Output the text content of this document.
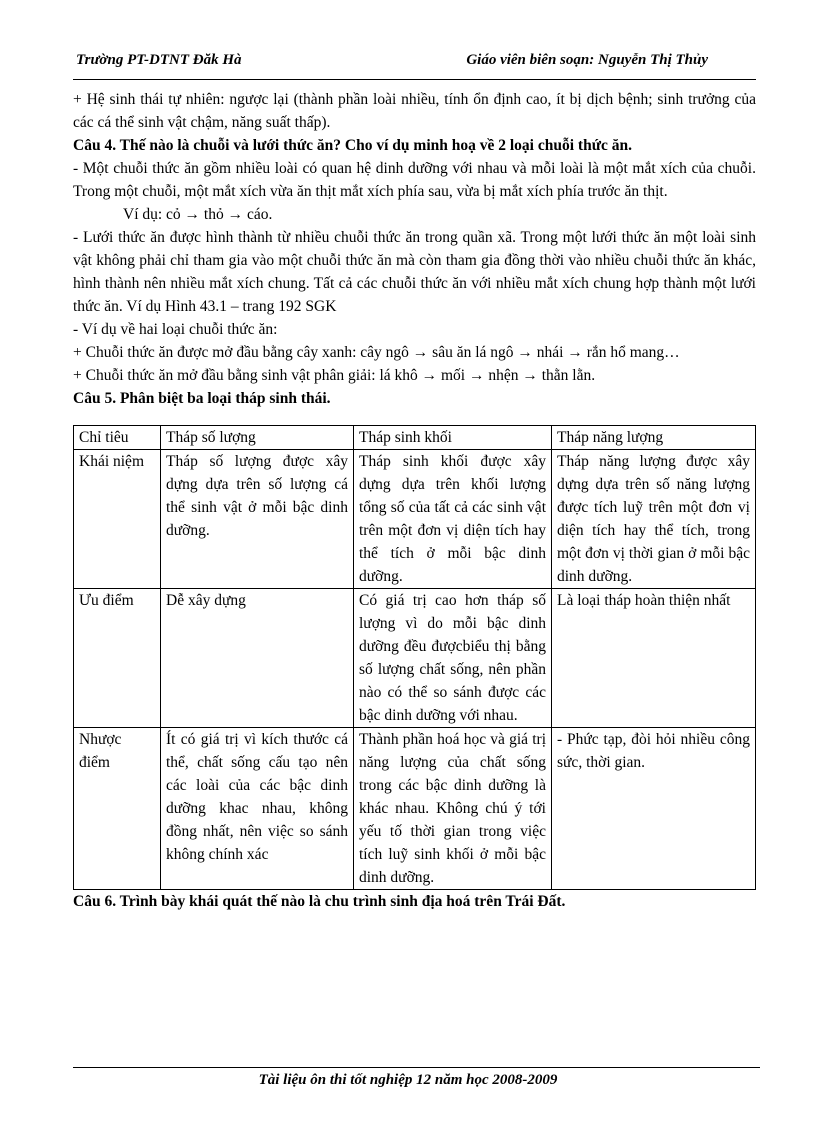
Trường PT-DTNT Đăk Hà	Giáo viên biên soạn: Nguyễn Thị Thủy

+ Hệ sinh thái tự nhiên: ngược lại (thành phần loài nhiều, tính ổn định cao, ít bị dịch bệnh; sinh trưởng của các cá thể sinh vật chậm, năng suất thấp).

Câu 4. Thế nào là chuỗi và lưới thức ăn? Cho ví dụ minh hoạ về 2 loại chuỗi thức ăn.

- Một chuỗi thức ăn gồm nhiều loài có quan hệ dinh dưỡng với nhau và mỗi loài là một mắt xích của chuỗi. Trong một chuỗi, một mắt xích vừa ăn thịt mắt xích phía sau, vừa bị mắt xích phía trước ăn thịt.

Ví dụ: cỏ → thỏ → cáo.

- Lưới thức ăn được hình thành từ nhiều chuỗi thức ăn trong quần xã. Trong một lưới thức ăn một loài sinh vật không phải chỉ tham gia vào một chuỗi thức ăn mà còn tham gia đồng thời vào nhiều chuỗi thức ăn khác, hình thành nên nhiều mắt xích chung. Tất cả các chuỗi thức ăn với nhiều mắt xích chung hợp thành một lưới thức ăn. Ví dụ Hình 43.1 – trang 192 SGK

- Ví dụ về hai loại chuỗi thức ăn:

+ Chuỗi thức ăn được mở đầu bằng cây xanh: cây ngô → sâu ăn lá ngô → nhái → rắn hổ mang…

+ Chuỗi thức ăn mở đầu bằng sinh vật phân giải: lá khô → mối → nhện → thằn lằn.

Câu 5. Phân biệt ba loại tháp sinh thái.

Chỉ tiêu	Tháp số lượng	Tháp sinh khối	Tháp năng lượng
Khái niệm	Tháp số lượng được xây dựng dựa trên số lượng cá thể sinh vật ở mỗi bậc dinh dưỡng.	Tháp sinh khối được xây dựng dựa trên khối lượng tổng số của tất cả các sinh vật trên một đơn vị diện tích hay thể tích ở mỗi bậc dinh dưỡng.	Tháp năng lượng được xây dựng dựa trên số năng lượng được tích luỹ trên một đơn vị diện tích hay thể tích, trong một đơn vị thời gian ở mỗi bậc dinh dưỡng.
Ưu điểm	Dễ xây dựng	Có giá trị cao hơn tháp số lượng vì do mỗi bậc dinh dưỡng đều đượcbiểu thị bằng số lượng chất sống, nên phần nào có thể so sánh được các bậc dinh dưỡng với nhau.	Là loại tháp hoàn thiện nhất
Nhược điểm	Ít có giá trị vì kích thước cá thể, chất sống cấu tạo nên các loài của các bậc dinh dưỡng khac nhau, không đồng nhất, nên việc so sánh không chính xác	Thành phần hoá học và giá trị năng lượng của chất sống trong các bậc dinh dưỡng là khác nhau. Không chú ý tới yếu tố thời gian trong việc tích luỹ sinh khối ở mỗi bậc dinh dưỡng.	- Phức tạp, đòi hỏi nhiều công sức, thời gian.

Câu 6. Trình bày khái quát thế nào là chu trình sinh địa hoá trên Trái Đất.

Tài liệu ôn thi tốt nghiệp 12 năm học 2008-2009
